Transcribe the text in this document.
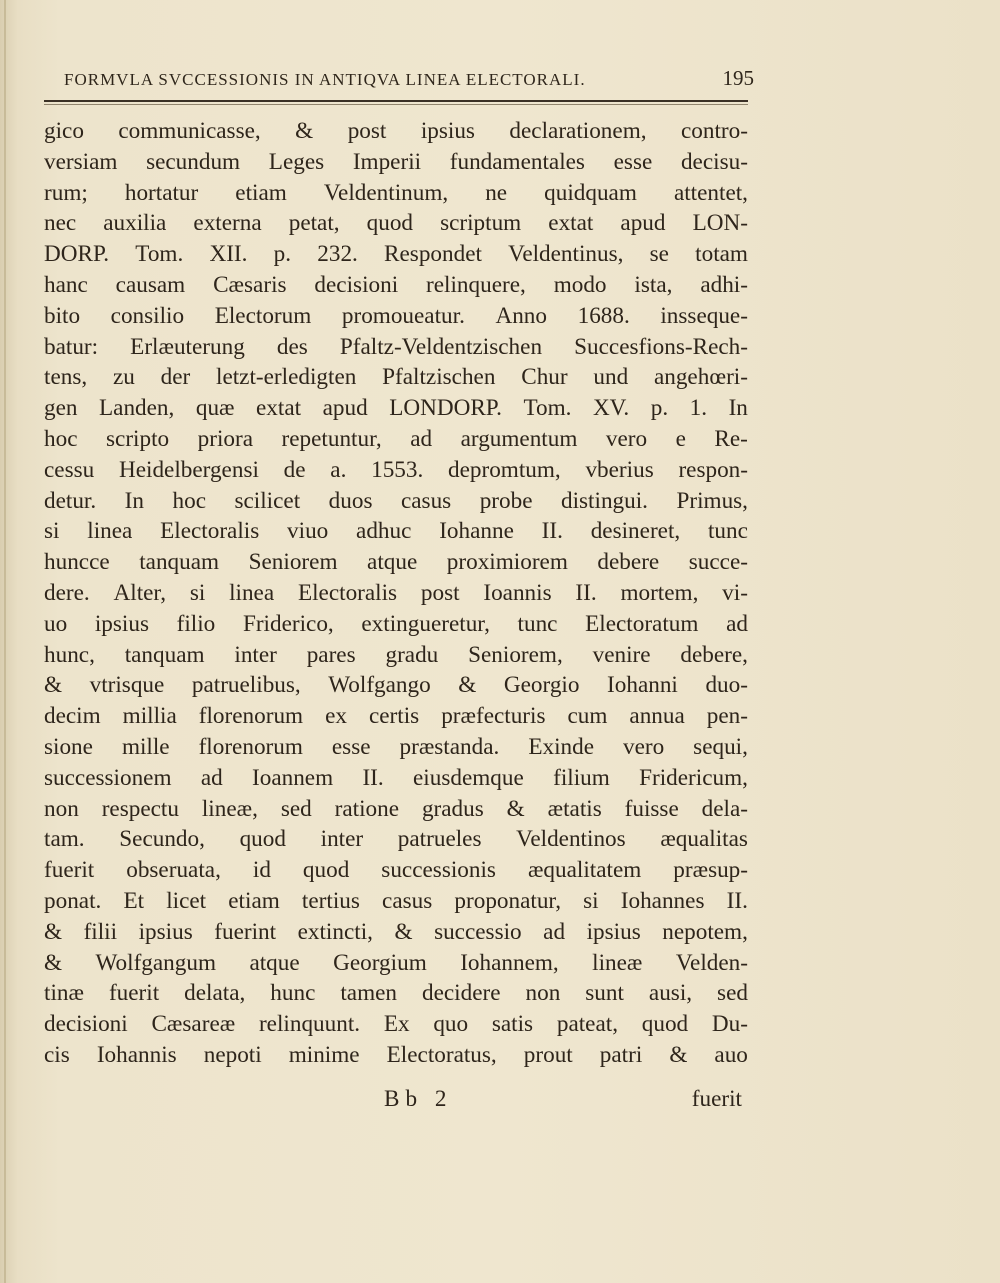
FORMVLA SVCCESSIONIS IN ANTIQVA LINEA ELECTORALI.	195
gico communicasse, & post ipsius declarationem, contro-
versiam secundum Leges Imperii fundamentales esse decisu-
rum; hortatur etiam Veldentinum, ne quidquam attentet,
nec auxilia externa petat, quod scriptum extat apud LON-
DORP. Tom. XII. p. 232. Respondet Veldentinus, se totam
hanc causam Cæsaris decisioni relinquere, modo ista, adhi-
bito consilio Electorum promoueatur. Anno 1688. insseque-
batur: Erlæuterung des Pfaltz-Veldentzischen Succesfions-Rech-
tens, zu der letzt-erledigten Pfaltzischen Chur und angehœri-
gen Landen, quæ extat apud LONDORP. Tom. XV. p. 1. In
hoc scripto priora repetuntur, ad argumentum vero e Re-
cessu Heidelbergensi de a. 1553. depromtum, vberius respon-
detur. In hoc scilicet duos casus probe distingui. Primus,
si linea Electoralis viuo adhuc Iohanne II. desineret, tunc
huncce tanquam Seniorem atque proximiorem debere succe-
dere. Alter, si linea Electoralis post Ioannis II. mortem, vi-
uo ipsius filio Friderico, extingueretur, tunc Electoratum ad
hunc, tanquam inter pares gradu Seniorem, venire debere,
& vtrisque patruelibus, Wolfgango & Georgio Iohanni duo-
decim millia florenorum ex certis præfecturis cum annua pen-
sione mille florenorum esse præstanda. Exinde vero sequi,
successionem ad Ioannem II. eiusdemque filium Fridericum,
non respectu lineæ, sed ratione gradus & ætatis fuisse dela-
tam. Secundo, quod inter patrueles Veldentinos æqualitas
fuerit obseruata, id quod successionis æqualitatem præsup-
ponat. Et licet etiam tertius casus proponatur, si Iohannes II.
& filii ipsius fuerint extincti, & successio ad ipsius nepotem,
& Wolfgangum atque Georgium Iohannem, lineæ Velden-
tinæ fuerit delata, hunc tamen decidere non sunt ausi, sed
decisioni Cæsareæ relinquunt. Ex quo satis pateat, quod Du-
cis Iohannis nepoti minime Electoratus, prout patri & auo
Bb 2	fuerit
